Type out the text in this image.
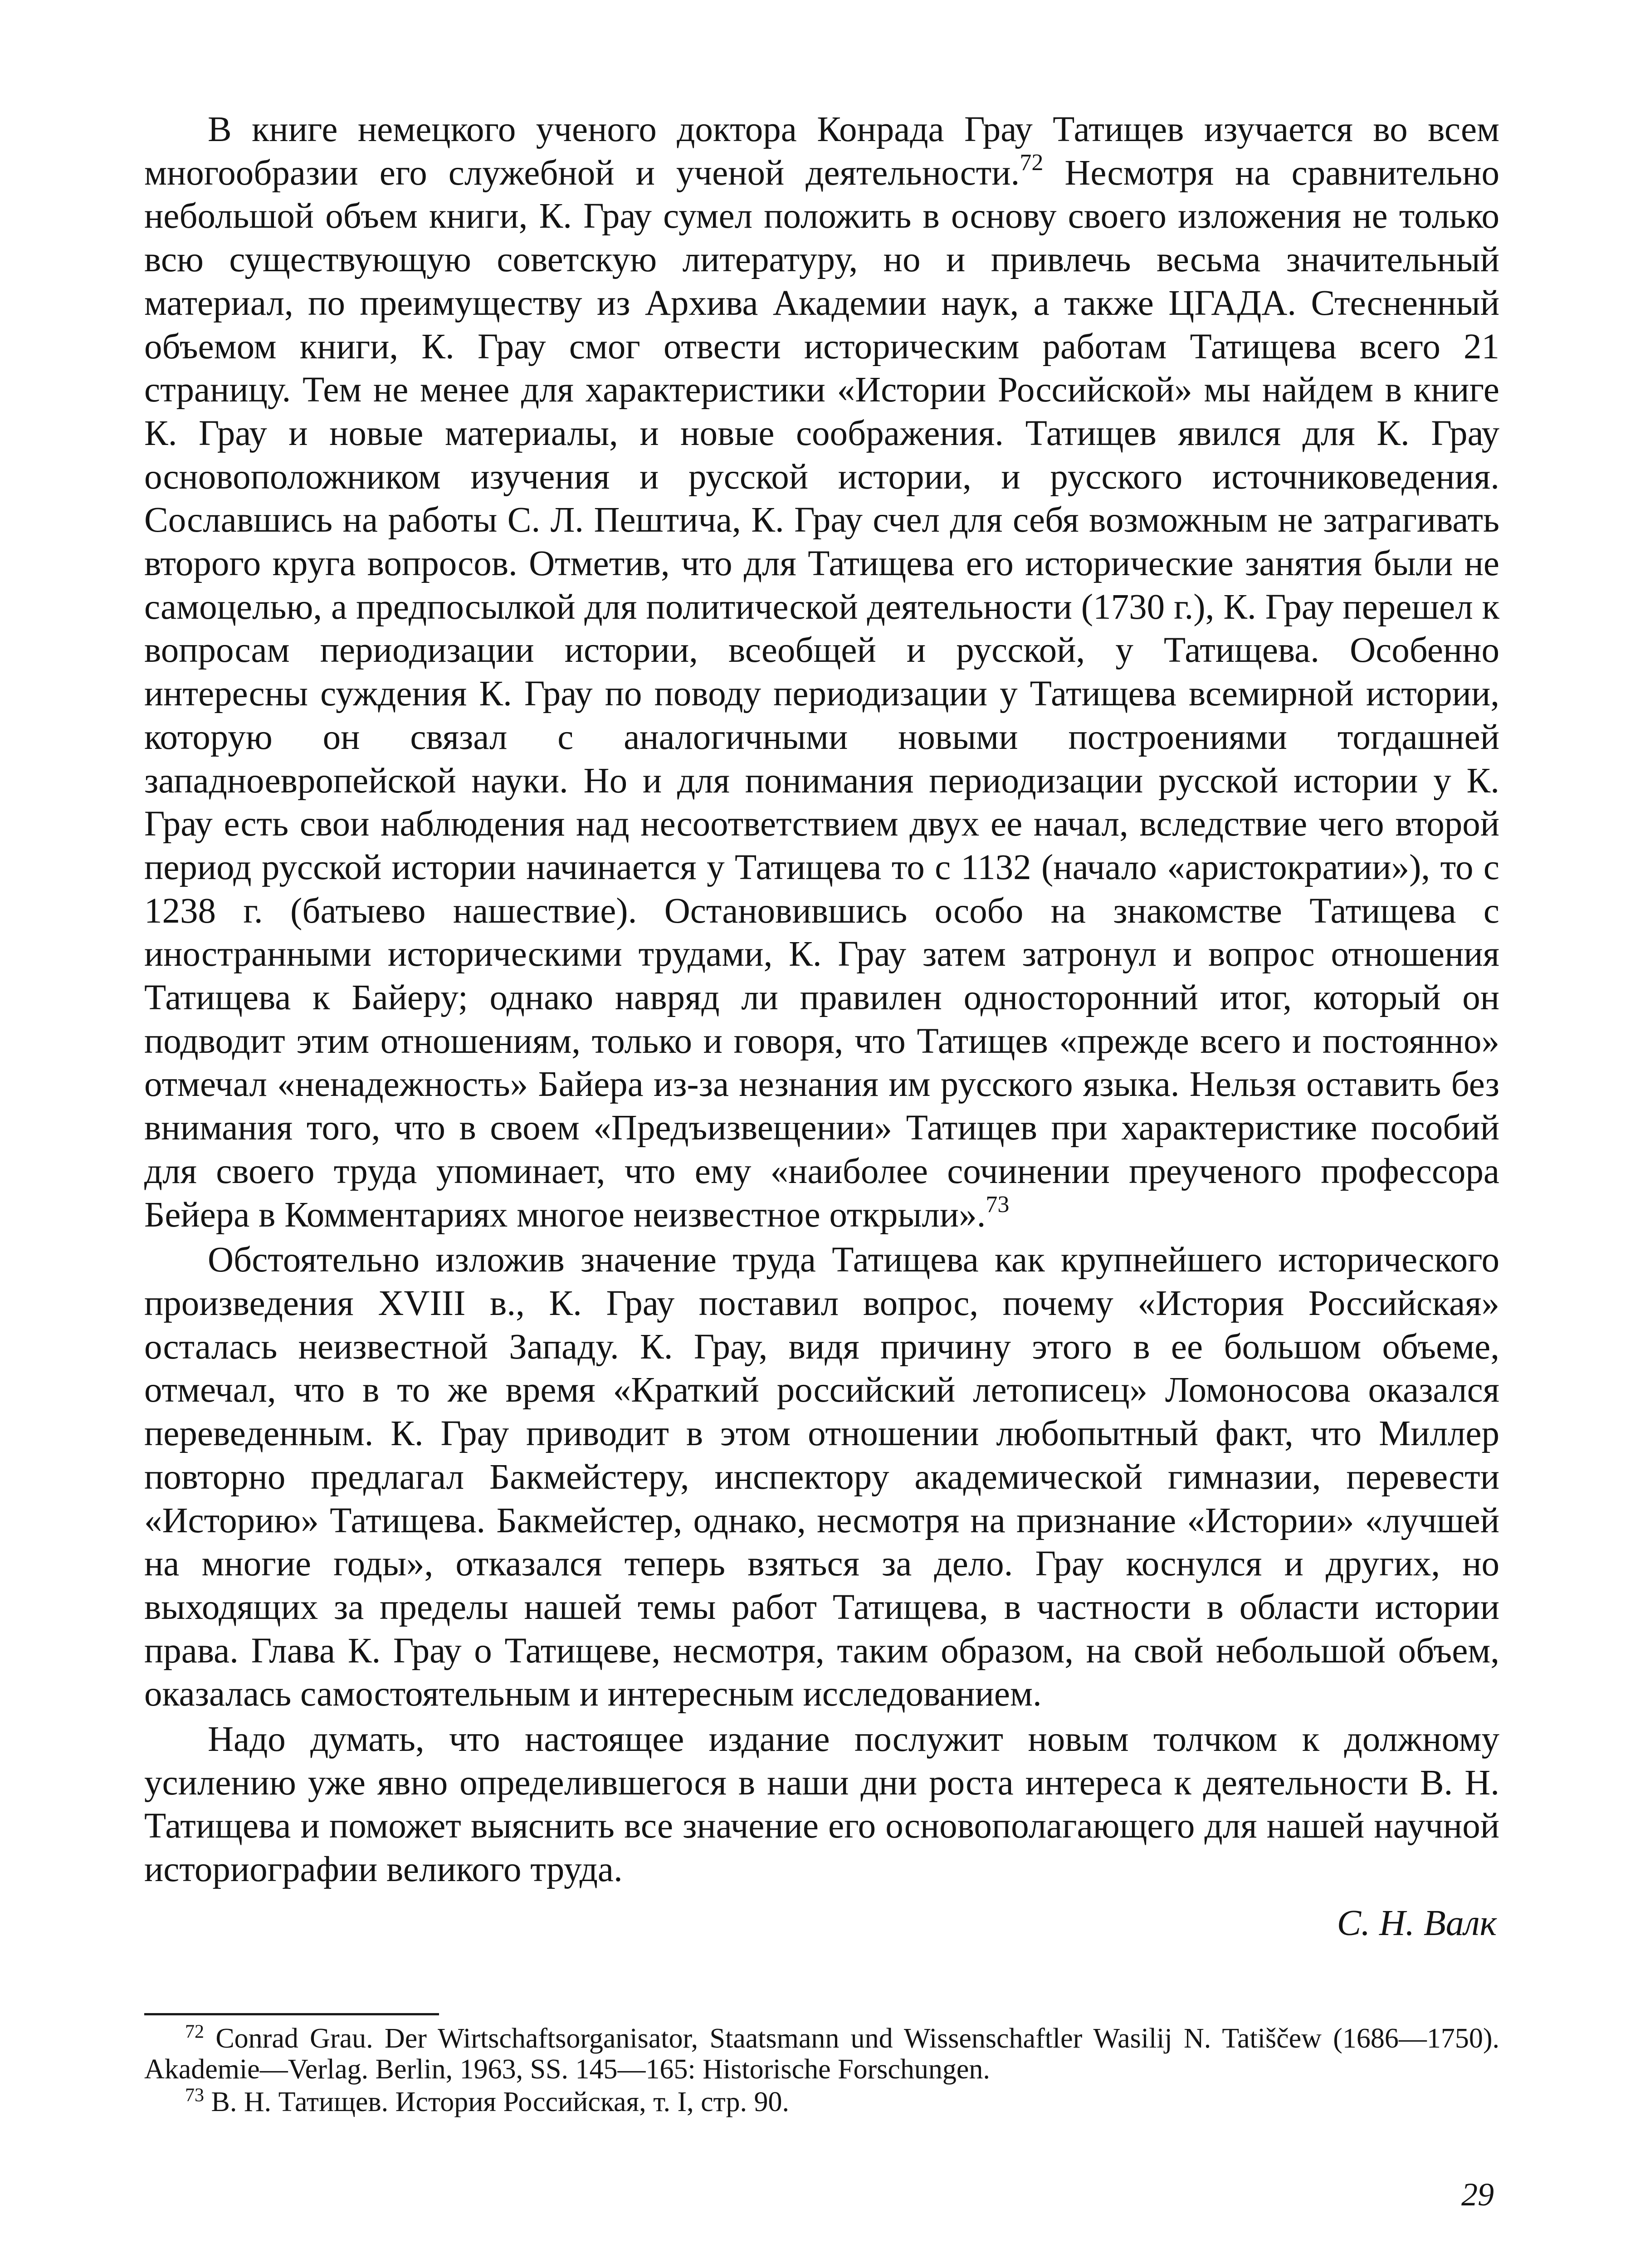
В книге немецкого ученого доктора Конрада Грау Татищев изучается во всем многообразии его служебной и ученой деятельности.$^{72}$ Несмотря на сравнительно небольшой объем книги, К. Грау сумел положить в основу своего изложения не только всю существующую советскую литературу, но и привлечь весьма значительный материал, по преимуществу из Архива Академии наук, а также ЦГАДА. Стесненный объемом книги, К. Грау смог отвести историческим работам Татищева всего 21 страницу. Тем не менее для характеристики «Истории Российской» мы найдем в книге К. Грау и новые материалы, и новые соображения. Татищев явился для К. Грау основоположником изучения и русской истории, и русского источниковедения. Сославшись на работы С. Л. Пештича, К. Грау счел для себя возможным не затрагивать второго круга вопросов. Отметив, что для Татищева его исторические занятия были не самоцелью, а предпосылкой для политической деятельности (1730 г.), К. Грау перешел к вопросам периодизации истории, всеобщей и русской, у Татищева. Особенно интересны суждения К. Грау по поводу периодизации у Татищева всемирной истории, которую он связал с аналогичными новыми построениями тогдашней западноевропейской науки. Но и для понимания периодизации русской истории у К. Грау есть свои наблюдения над несоответствием двух ее начал, вследствие чего второй период русской истории начинается у Татищева то с 1132 (начало «аристократии»), то с 1238 г. (батыево нашествие). Остановившись особо на знакомстве Татищева с иностранными историческими трудами, К. Грау затем затронул и вопрос отношения Татищева к Байеру; однако навряд ли правилен односторонний итог, который он подводит этим отношениям, только и говоря, что Татищев «прежде всего и постоянно» отмечал «ненадежность» Байера из-за незнания им русского языка. Нельзя оставить без внимания того, что в своем «Предъизвещении» Татищев при характеристике пособий для своего труда упоминает, что ему «наиболее сочинении преученого профессора Бейера в Комментариях многое неизвестное открыли».$^{73}$

Обстоятельно изложив значение труда Татищева как крупнейшего исторического произведения XVIII в., К. Грау поставил вопрос, почему «История Российская» осталась неизвестной Западу. К. Грау, видя причину этого в ее большом объеме, отмечал, что в то же время «Краткий российский летописец» Ломоносова оказался переведенным. К. Грау приводит в этом отношении любопытный факт, что Миллер повторно предлагал Бакмейстеру, инспектору академической гимназии, перевести «Историю» Татищева. Бакмейстер, однако, несмотря на признание «Истории» «лучшей на многие годы», отказался теперь взяться за дело. Грау коснулся и других, но выходящих за пределы нашей темы работ Татищева, в частности в области истории права. Глава К. Грау о Татищеве, несмотря, таким образом, на свой небольшой объем, оказалась самостоятельным и интересным исследованием.

Надо думать, что настоящее издание послужит новым толчком к должному усилению уже явно определившегося в наши дни роста интереса к деятельности В. Н. Татищева и поможет выяснить все значение его основополагающего для нашей научной историографии великого труда.

С. Н. Валк

$^{72}$ Conrad Grau. Der Wirtschaftsorganisator, Staatsmann und Wissenschaftler Wasilij N. Tatiščew (1686—1750). Akademie—Verlag. Berlin, 1963, SS. 145—165: Historische Forschungen.

$^{73}$ В. Н. Татищев. История Российская, т. I, стр. 90.

29
